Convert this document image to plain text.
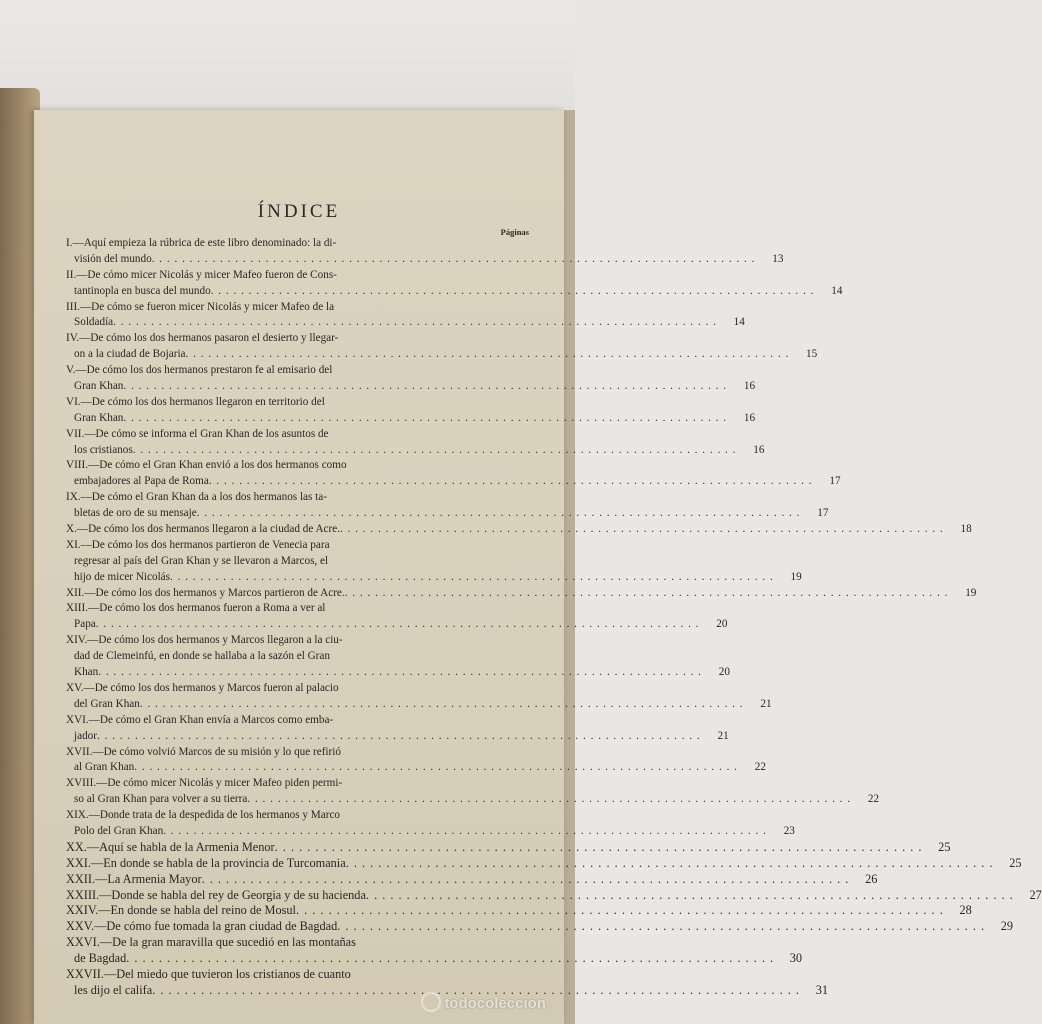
ÍNDICE
Páginas
I.—Aquí empieza la rúbrica de este libro denominado: la di-
visión del mundo . . . . . . . . . . . . . . . . . . . . . . . . . . . . . . . . . . . . . . . . . . . . . . . . . . . . . . . . . . . . . . . . . . . . . . . . . . . . . . . .	13
II.—De cómo micer Nicolás y micer Mafeo fueron de Cons-
tantinopla en busca del mundo . . . . . . . . . . . . . . . . . . . . . . . . . . . . . . . . . . . . . . . . . . . . . . . . . . . . . . . . . . . . . . . . . . . . . . . . . . . . . . . .	14
III.—De cómo se fueron micer Nicolás y micer Mafeo de la
Soldadía . . . . . . . . . . . . . . . . . . . . . . . . . . . . . . . . . . . . . . . . . . . . . . . . . . . . . . . . . . . . . . . . . . . . . . . . . . . . . . . .	14
IV.—De cómo los dos hermanos pasaron el desierto y llegar-
on a la ciudad de Bojaria . . . . . . . . . . . . . . . . . . . . . . . . . . . . . . . . . . . . . . . . . . . . . . . . . . . . . . . . . . . . . . . . . . . . . . . . . . . . . . . .	15
V.—De cómo los dos hermanos prestaron fe al emisario del
Gran Khan . . . . . . . . . . . . . . . . . . . . . . . . . . . . . . . . . . . . . . . . . . . . . . . . . . . . . . . . . . . . . . . . . . . . . . . . . . . . . . . .	16
VI.—De cómo los dos hermanos llegaron en territorio del
Gran Khan . . . . . . . . . . . . . . . . . . . . . . . . . . . . . . . . . . . . . . . . . . . . . . . . . . . . . . . . . . . . . . . . . . . . . . . . . . . . . . . .	16
VII.—De cómo se informa el Gran Khan de los asuntos de
los cristianos . . . . . . . . . . . . . . . . . . . . . . . . . . . . . . . . . . . . . . . . . . . . . . . . . . . . . . . . . . . . . . . . . . . . . . . . . . . . . . . .	16
VIII.—De cómo el Gran Khan envió a los dos hermanos como
embajadores al Papa de Roma . . . . . . . . . . . . . . . . . . . . . . . . . . . . . . . . . . . . . . . . . . . . . . . . . . . . . . . . . . . . . . . . . . . . . . . . . . . . . . . .	17
IX.—De cómo el Gran Khan da a los dos hermanos las ta-
bletas de oro de su mensaje . . . . . . . . . . . . . . . . . . . . . . . . . . . . . . . . . . . . . . . . . . . . . . . . . . . . . . . . . . . . . . . . . . . . . . . . . . . . . . . .	17
X.—De cómo los dos hermanos llegaron a la ciudad de Acre. . . . . . . . . . . . . . . . . . . . . . . . . . . . . . . . . . . . . . . . . . . . . . . . . . . . . . . . . . . . . . . . . . . . . . . . . . . . . . . . .	18
XI.—De cómo los dos hermanos partieron de Venecia para
regresar al país del Gran Khan y se llevaron a Marcos, el
hijo de micer Nicolás . . . . . . . . . . . . . . . . . . . . . . . . . . . . . . . . . . . . . . . . . . . . . . . . . . . . . . . . . . . . . . . . . . . . . . . . . . . . . . . .	19
XII.—De cómo los dos hermanos y Marcos partieron de Acre. . . . . . . . . . . . . . . . . . . . . . . . . . . . . . . . . . . . . . . . . . . . . . . . . . . . . . . . . . . . . . . . . . . . . . . . . . . . . . . . .	19
XIII.—De cómo los dos hermanos fueron a Roma a ver al
Papa . . . . . . . . . . . . . . . . . . . . . . . . . . . . . . . . . . . . . . . . . . . . . . . . . . . . . . . . . . . . . . . . . . . . . . . . . . . . . . . .	20
XIV.—De cómo los dos hermanos y Marcos llegaron a la ciu-
dad de Clemeinfú, en donde se hallaba a la sazón el Gran
Khan . . . . . . . . . . . . . . . . . . . . . . . . . . . . . . . . . . . . . . . . . . . . . . . . . . . . . . . . . . . . . . . . . . . . . . . . . . . . . . . .	20
XV.—De cómo los dos hermanos y Marcos fueron al palacio
del Gran Khan . . . . . . . . . . . . . . . . . . . . . . . . . . . . . . . . . . . . . . . . . . . . . . . . . . . . . . . . . . . . . . . . . . . . . . . . . . . . . . . .	21
XVI.—De cómo el Gran Khan envía a Marcos como emba-
jador . . . . . . . . . . . . . . . . . . . . . . . . . . . . . . . . . . . . . . . . . . . . . . . . . . . . . . . . . . . . . . . . . . . . . . . . . . . . . . . .	21
XVII.—De cómo volvió Marcos de su misión y lo que refirió
al Gran Khan . . . . . . . . . . . . . . . . . . . . . . . . . . . . . . . . . . . . . . . . . . . . . . . . . . . . . . . . . . . . . . . . . . . . . . . . . . . . . . . .	22
XVIII.—De cómo micer Nicolás y micer Mafeo piden permi-
so al Gran Khan para volver a su tierra . . . . . . . . . . . . . . . . . . . . . . . . . . . . . . . . . . . . . . . . . . . . . . . . . . . . . . . . . . . . . . . . . . . . . . . . . . . . . . . .	22
XIX.—Donde trata de la despedida de los hermanos y Marco
Polo del Gran Khan . . . . . . . . . . . . . . . . . . . . . . . . . . . . . . . . . . . . . . . . . . . . . . . . . . . . . . . . . . . . . . . . . . . . . . . . . . . . . . . .	23
XX.—Aquí se habla de la Armenia Menor . . . . . . . . . . . . . . . . . . . . . . . . . . . . . . . . . . . . . . . . . . . . . . . . . . . . . . . . . . . . . . . . . . . . . . . . . . . . . . . .	25
XXI.—En donde se habla de la provincia de Turcomania . . . . . . . . . . . . . . . . . . . . . . . . . . . . . . . . . . . . . . . . . . . . . . . . . . . . . . . . . . . . . . . . . . . . . . . . . . . . . . . .	25
XXII.—La Armenia Mayor . . . . . . . . . . . . . . . . . . . . . . . . . . . . . . . . . . . . . . . . . . . . . . . . . . . . . . . . . . . . . . . . . . . . . . . . . . . . . . . .	26
XXIII.—Donde se habla del rey de Georgia y de su hacienda . . . . . . . . . . . . . . . . . . . . . . . . . . . . . . . . . . . . . . . . . . . . . . . . . . . . . . . . . . . . . . . . . . . . . . . . . . . . . . . .	27
XXIV.—En donde se habla del reino de Mosul . . . . . . . . . . . . . . . . . . . . . . . . . . . . . . . . . . . . . . . . . . . . . . . . . . . . . . . . . . . . . . . . . . . . . . . . . . . . . . . .	28
XXV.—De cómo fue tomada la gran ciudad de Bagdad . . . . . . . . . . . . . . . . . . . . . . . . . . . . . . . . . . . . . . . . . . . . . . . . . . . . . . . . . . . . . . . . . . . . . . . . . . . . . . . .	29
XXVI.—De la gran maravilla que sucedió en las montañas
de Bagdad . . . . . . . . . . . . . . . . . . . . . . . . . . . . . . . . . . . . . . . . . . . . . . . . . . . . . . . . . . . . . . . . . . . . . . . . . . . . . . . .	30
XXVII.—Del miedo que tuvieron los cristianos de cuanto
les dijo el califa . . . . . . . . . . . . . . . . . . . . . . . . . . . . . . . . . . . . . . . . . . . . . . . . . . . . . . . . . . . . . . . . . . . . . . . . . . . . . . . .	31
todocoleccion
